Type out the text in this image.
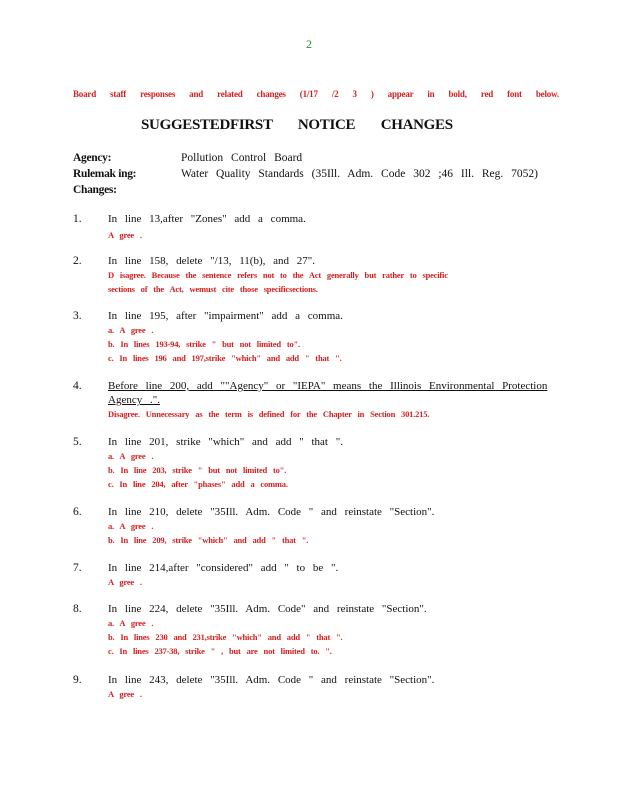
2
Board staff responses and related changes (1/17 /2 3 ) appear in bold, red font below.
SUGGESTEDFIRST NOTICE CHANGES
Agency:	Pollution Control Board
Rulemak ing:	Water Quality Standards (35Ill. Adm. Code 302 ;46 Ill. Reg. 7052)
Changes:
1. In line 13,after "Zones" add a comma.
A gree .
2. In line 158, delete "/13, 11(b), and 27".
D isagree. Because the sentence refers not to the Act generally but rather to specific
sections of the Act, wemust cite those specificsections.
3. In line 195, after "impairment" add a comma.
a. A gree .
b. In lines 193-94, strike " but not limited to".
c. In lines 196 and 197,strike "which" and add " that ".
4. Before line 200, add ""Agency" or "IEPA" means the Illinois Environmental Protection
Agency .".
Disagree. Unnecessary as the term is defined for the Chapter in Section 301.215.
5. In line 201, strike "which" and add " that ".
a. A gree .
b. In line 203, strike " but not limited to".
c. In line 204, after "phases" add a comma.
6. In line 210, delete "35Ill. Adm. Code " and reinstate "Section".
a. A gree .
b. In line 209, strike "which" and add " that ".
7. In line 214,after "considered" add " to be ".
A gree .
8. In line 224, delete "35Ill. Adm. Code" and reinstate "Section".
a. A gree .
b. In lines 230 and 231,strike "which" and add " that ".
c. In lines 237-38, strike " , but are not limited to. ".
9. In line 243, delete "35Ill. Adm. Code " and reinstate "Section".
A gree .
